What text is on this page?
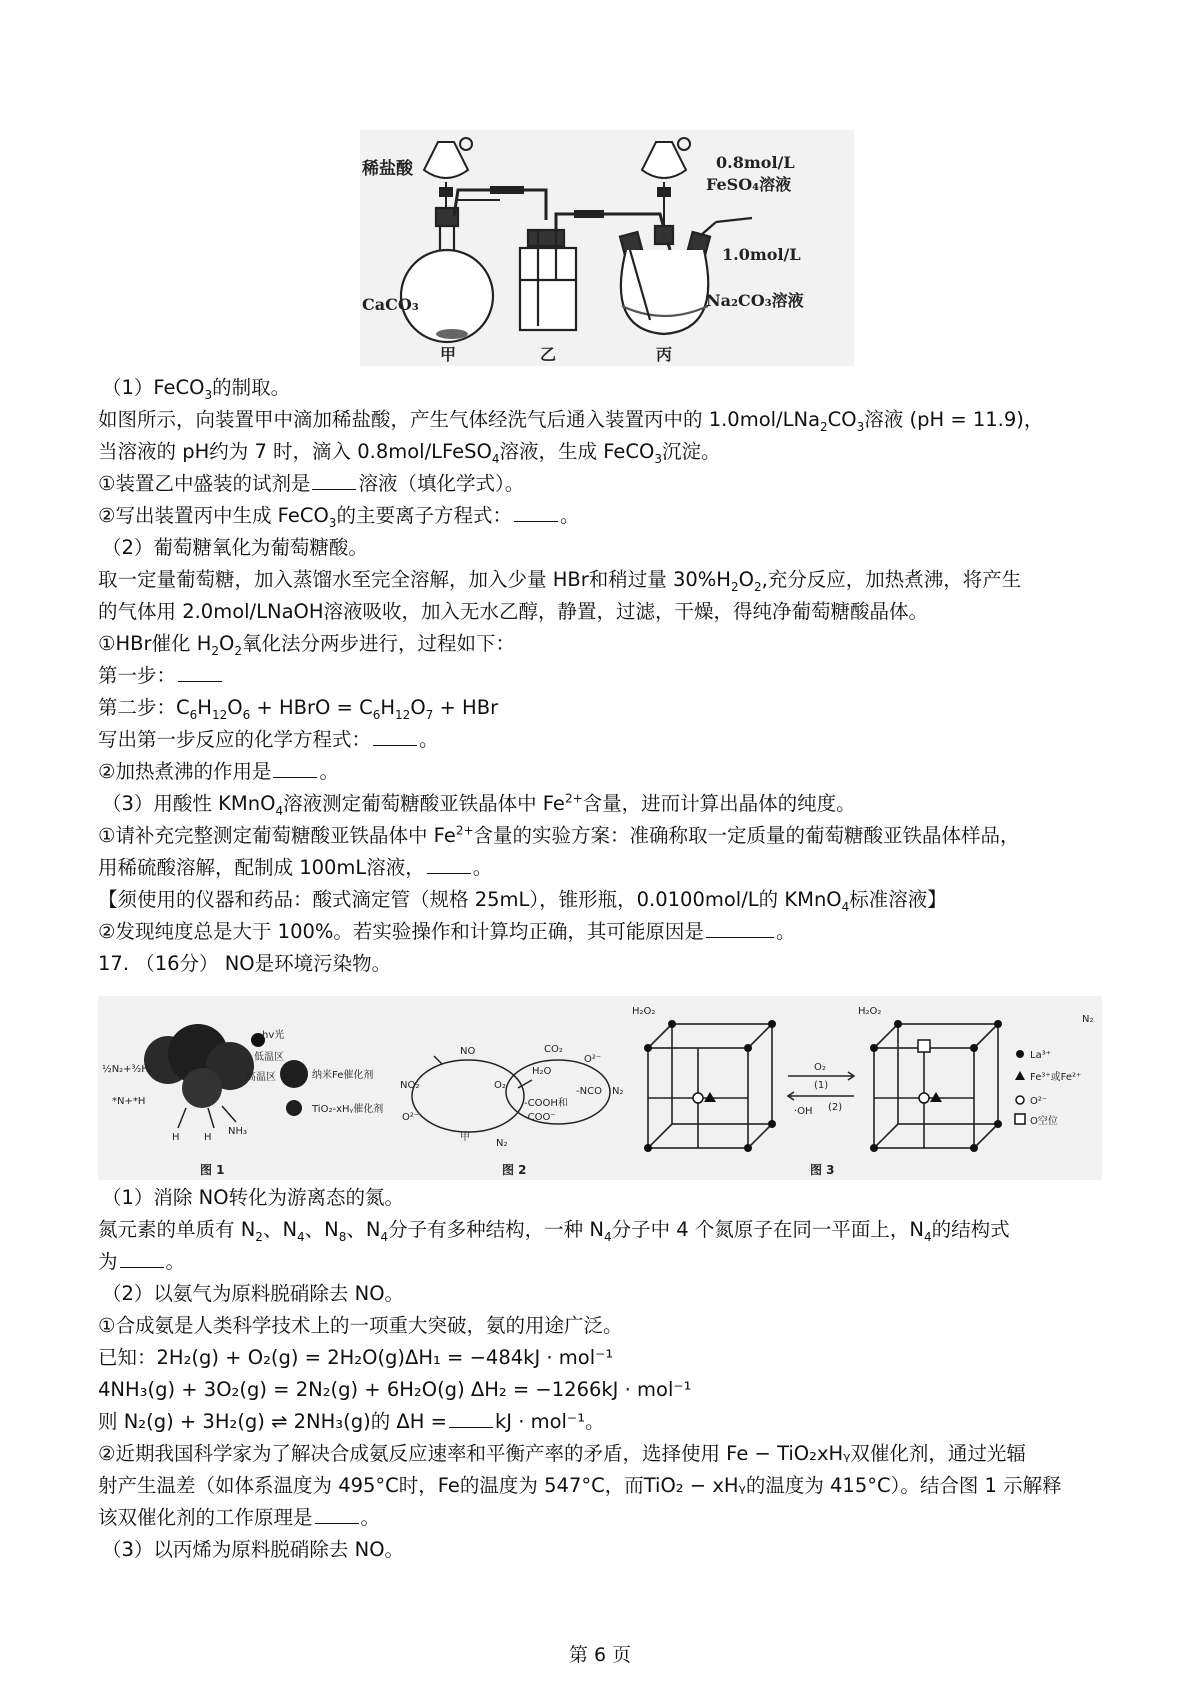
稀盐酸
CaCO₃
0.8mol/L
FeSO₄溶液
1.0mol/L
Na₂CO₃溶液
甲	乙	丙
（1）FeCO$_3$的制取。
如图所示，向装置甲中滴加稀盐酸，产生气体经洗气后通入装置丙中的 $1.0mol/LNa_2CO_3$溶液 (pH = 11.9)，
当溶液的 pH约为 7 时，滴入 0.8mol/LFeSO$_4$溶液，生成 FeCO$_3$沉淀。
①装置乙中盛装的试剂是 溶液（填化学式）。
②写出装置丙中生成 FeCO$_3$的主要离子方程式： 。
（2）葡萄糖氧化为葡萄糖酸。
取一定量葡萄糖，加入蒸馏水至完全溶解，加入少量 HBr和稍过量 $30\%H_2O_2$,充分反应，加热煮沸，将产生
的气体用 2.0mol/LNaOH溶液吸收，加入无水乙醇，静置，过滤，干燥，得纯净葡萄糖酸晶体。
①HBr催化 $H_2O_2$氧化法分两步进行，过程如下：
第一步：
第二步：$C_6H_{12}O_6$ + HBrO = $C_6H_{12}O_7$ + HBr
写出第一步反应的化学方程式： 。
②加热煮沸的作用是 。
（3）用酸性 KMnO$_4$溶液测定葡萄糖酸亚铁晶体中 $Fe^{2+}$含量，进而计算出晶体的纯度。
①请补充完整测定葡萄糖酸亚铁晶体中 $Fe^{2+}$含量的实验方案：准确称取一定质量的葡萄糖酸亚铁晶体样品，
用稀硫酸溶解，配制成 100mL溶液， 。
【须使用的仪器和药品：酸式滴定管（规格 25mL），锥形瓶，0.0100mol/L的 KMnO$_4$标准溶液】
②发现纯度总是大于 100%。若实验操作和计算均正确，其可能原因是	。
17. （16分） NO是环境污染物。
hv光
低温区
高温区
½N₂+³⁄₂H₂
*N+*H
H H
NH₃
纳米Fe催化剂
TiO₂-xHᵧ催化剂
图 1
NO
NO₂	O₂
O²⁻
CO₂
H₂O
O²⁻
-NCO
-COOH和
-COO⁻
N₂
N₂
甲
图 2
H₂O₂	H₂O₂
O₂
(1)
·OH (2)
N₂
La³⁺
Fe³⁺或Fe²⁺
O²⁻
O空位
图 3
（1）消除 NO转化为游离态的氮。
氮元素的单质有 $N_2$、$N_4$、$N_8$、$N_4$分子有多种结构，一种 $N_4$分子中 4 个氮原子在同一平面上，$N_4$的结构式
为 。
（2）以氨气为原料脱硝除去 NO。
①合成氨是人类科学技术上的一项重大突破，氨的用途广泛。
已知：2H₂(g) + O₂(g) = 2H₂O(g)ΔH₁ = −484kJ · mol⁻¹
4NH₃(g) + 3O₂(g) = 2N₂(g) + 6H₂O(g) ΔH₂ = −1266kJ · mol⁻¹
则 N₂(g) + 3H₂(g) ⇌ 2NH₃(g)的 ΔH = kJ · mol⁻¹。
②近期我国科学家为了解决合成氨反应速率和平衡产率的矛盾，选择使用 Fe − TiO₂xHᵧ双催化剂，通过光辐
射产生温差（如体系温度为 495°C时，Fe的温度为 547°C，而TiO₂ − xHᵧ的温度为 415°C）。结合图 1 示解释
该双催化剂的工作原理是 。
（3）以丙烯为原料脱硝除去 NO。
第 6 页
